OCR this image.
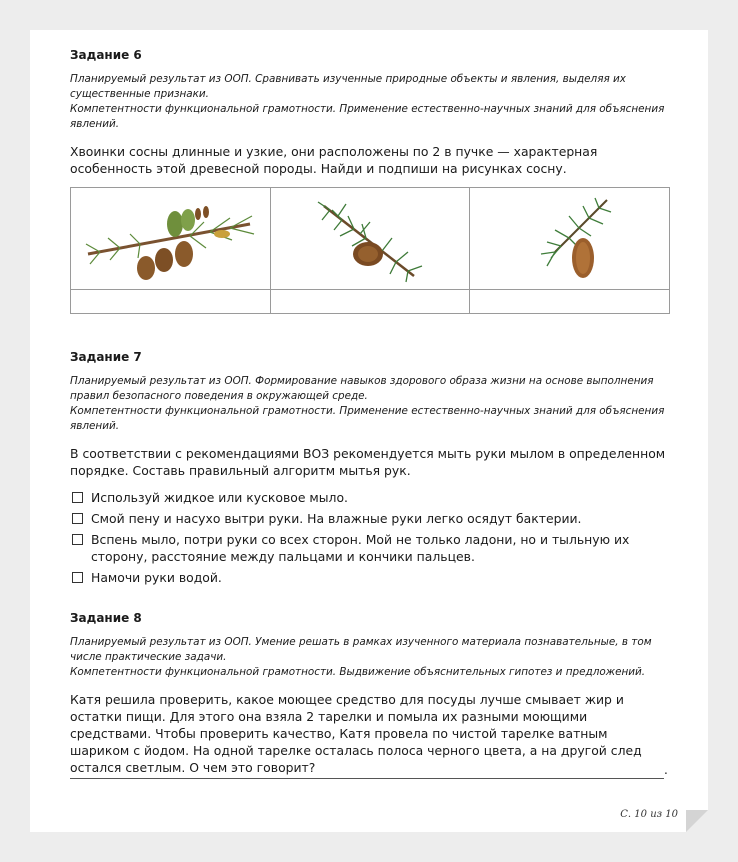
Задание 6
Планируемый результат из ООП. Сравнивать изученные природные объекты и явления, выделяя их существенные признаки.
Компетентности функциональной грамотности. Применение естественно-научных знаний для объяснения явлений.
Хвоинки сосны длинные и узкие, они расположены по 2 в пучке — характерная особенность этой древесной породы. Найди и подпиши на рисунках сосну.

Задание 7
Планируемый результат из ООП. Формирование навыков здорового образа жизни на основе выполнения правил безопасного поведения в окружающей среде.
Компетентности функциональной грамотности. Применение естественно-научных знаний для объяснения явлений.
В соответствии с рекомендациями ВОЗ рекомендуется мыть руки мылом в определенном порядке. Составь правильный алгоритм мытья рук.
Используй жидкое или кусковое мыло.
Смой пену и насухо вытри руки. На влажные руки легко осядут бактерии.
Вспень мыло, потри руки со всех сторон. Мой не только ладони, но и тыльную их сторону, расстояние между пальцами и кончики пальцев.
Намочи руки водой.
Задание 8
Планируемый результат из ООП. Умение решать в рамках изученного материала познавательные, в том числе практические задачи.
Компетентности функциональной грамотности. Выдвижение объяснительных гипотез и предложений.
Катя решила проверить, какое моющее средство для посуды лучше смывает жир и остатки пищи. Для этого она взяла 2 тарелки и помыла их разными моющими средствами. Чтобы проверить качество, Катя провела по чистой тарелке ватным шариком с йодом. На одной тарелке осталась полоса черного цвета, а на другой след остался светлым. О чем это говорит?	.
С. 10 из 10
